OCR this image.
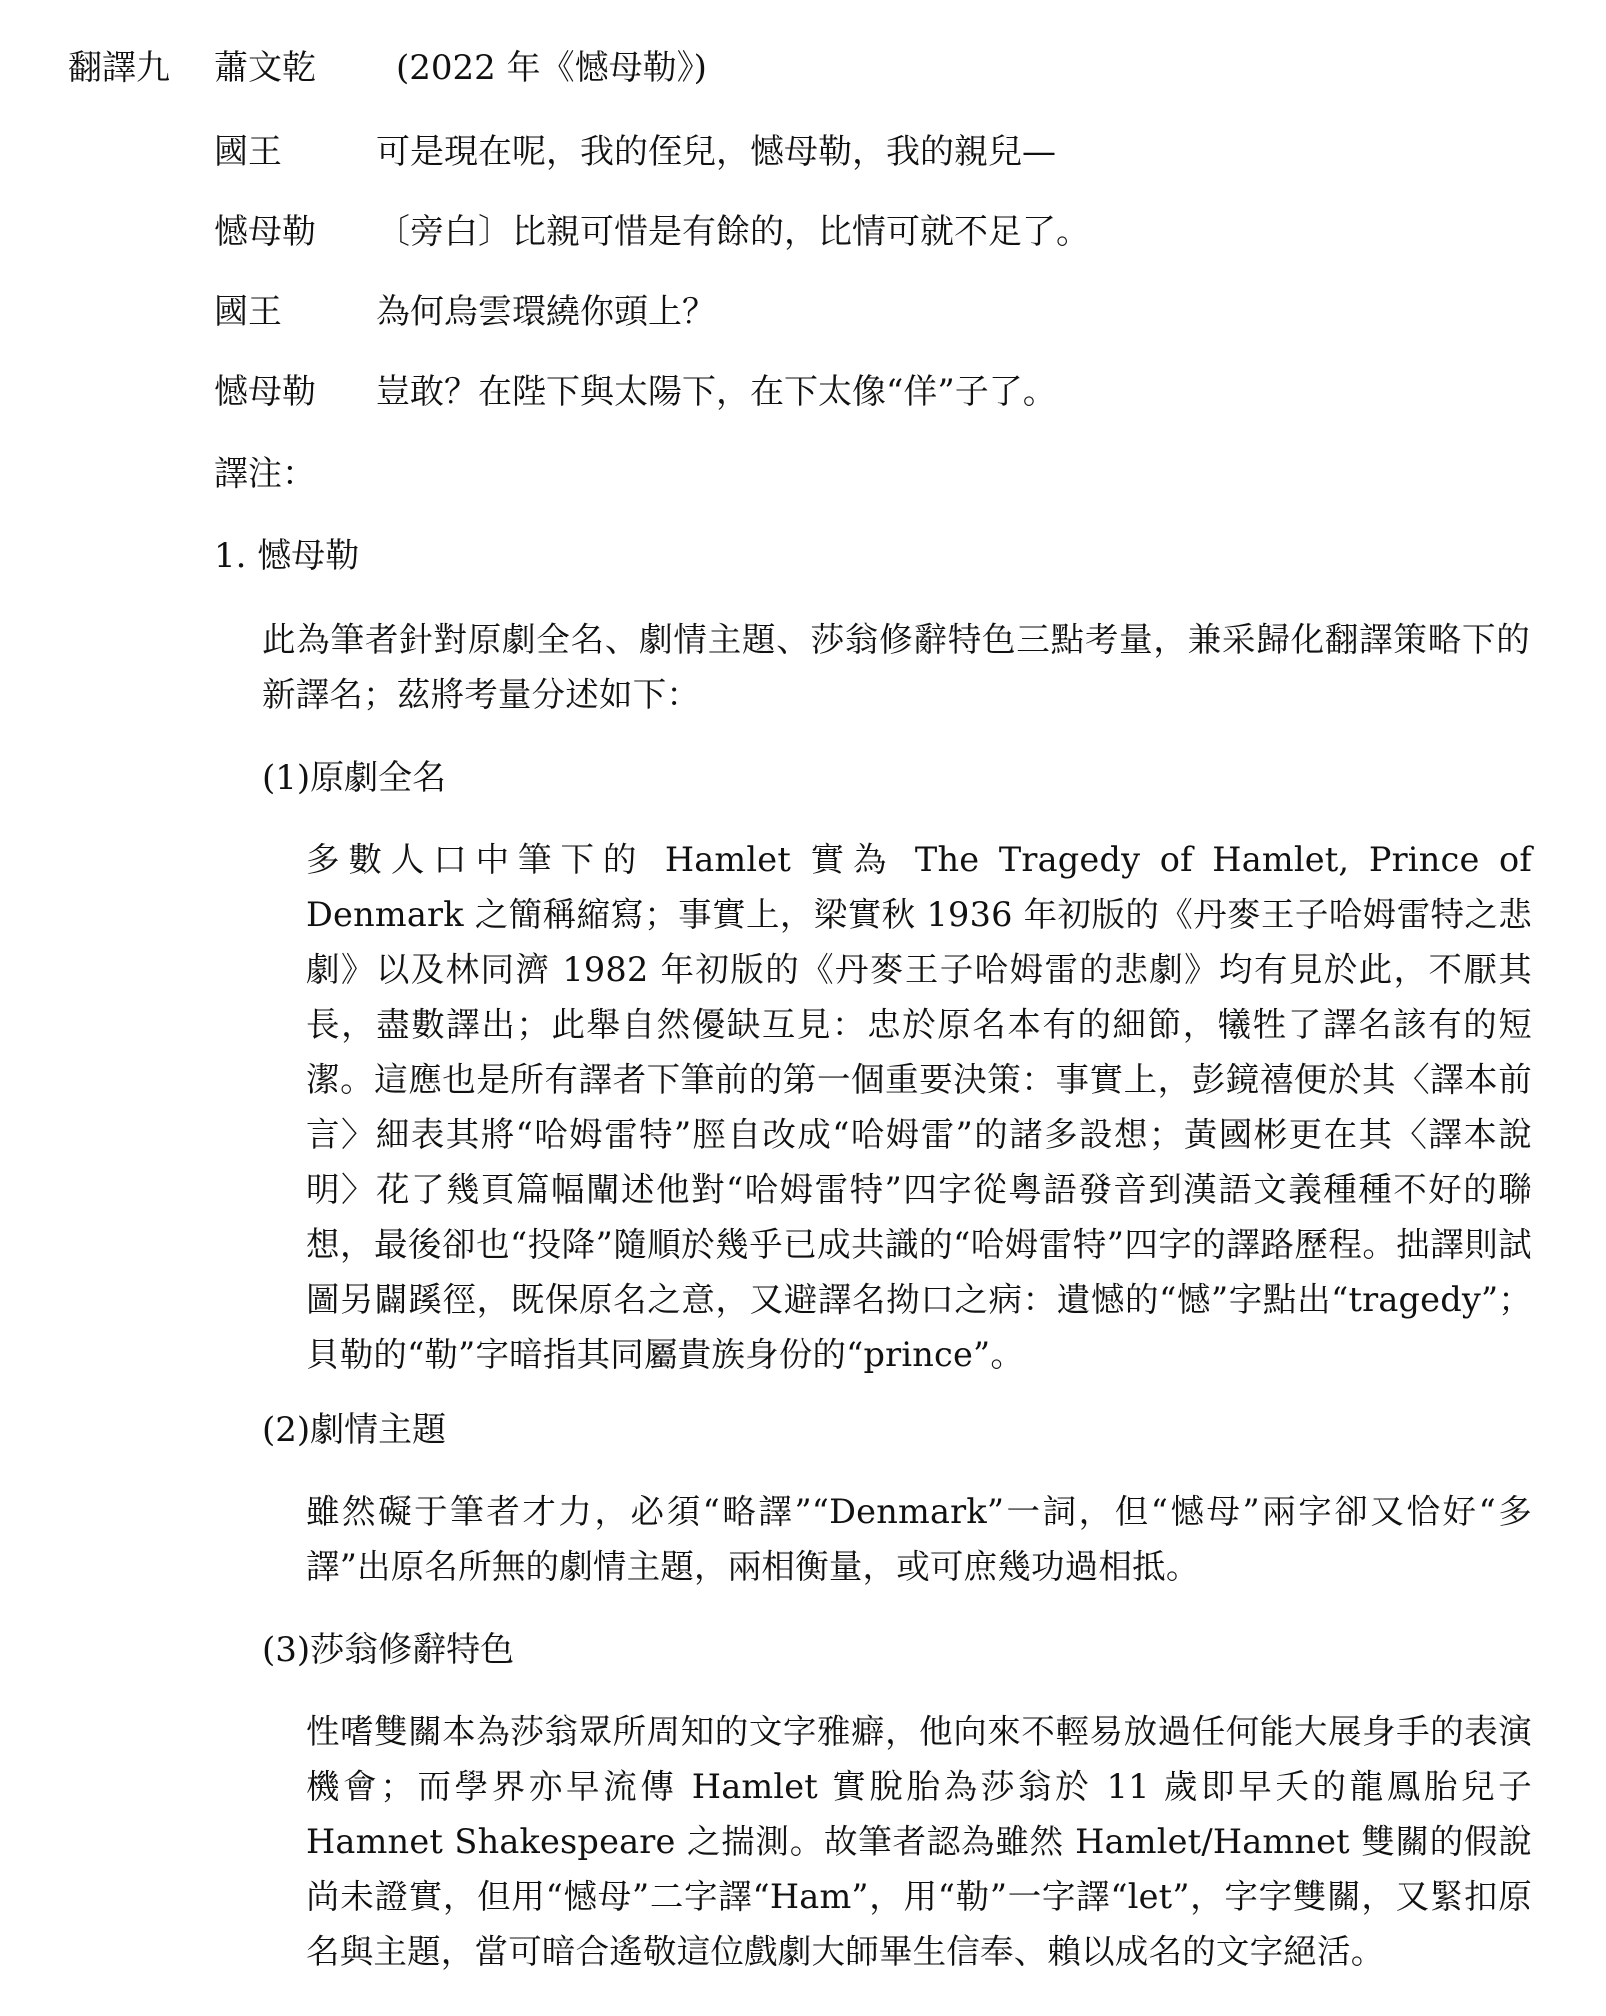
翻譯九 蕭文乾 (2022 年《憾母勒》)
國王	可是現在呢，我的侄兒，憾母勒，我的親兒—
憾母勒 〔旁白〕比親可惜是有餘的，比情可就不足了。
國王	為何烏雲環繞你頭上？
憾母勒 豈敢？在陛下與太陽下，在下太像“佯”子了。
譯注：
1. 憾母勒
此為筆者針對原劇全名、劇情主題、莎翁修辭特色三點考量，兼采歸化翻譯策略下的新譯名；茲將考量分述如下：
(1)原劇全名
多數人口中筆下的 Hamlet 實為 The Tragedy of Hamlet, Prince of Denmark 之簡稱縮寫；事實上，梁實秋 1936 年初版的《丹麥王子哈姆雷特之悲劇》以及林同濟 1982 年初版的《丹麥王子哈姆雷的悲劇》均有見於此，不厭其長，盡數譯出；此舉自然優缺互見：忠於原名本有的細節，犧牲了譯名該有的短潔。這應也是所有譯者下筆前的第一個重要決策：事實上，彭鏡禧便於其〈譯本前言〉細表其將“哈姆雷特”脛自改成“哈姆雷”的諸多設想；黃國彬更在其〈譯本說明〉花了幾頁篇幅闡述他對“哈姆雷特”四字從粵語發音到漢語文義種種不好的聯想，最後卻也“投降”隨順於幾乎已成共識的“哈姆雷特”四字的譯路歷程。拙譯則試圖另闢蹊徑，既保原名之意，又避譯名拗口之病：遺憾的“憾”字點出“tragedy”；貝勒的“勒”字暗指其同屬貴族身份的“prince”。
(2)劇情主題
雖然礙于筆者才力，必須“略譯”“Denmark”一詞，但“憾母”兩字卻又恰好“多譯”出原名所無的劇情主題，兩相衡量，或可庶幾功過相抵。
(3)莎翁修辭特色
性嗜雙關本為莎翁眾所周知的文字雅癖，他向來不輕易放過任何能大展身手的表演機會；而學界亦早流傳 Hamlet 實脫胎為莎翁於 11 歲即早夭的龍鳳胎兒子 Hamnet Shakespeare 之揣測。故筆者認為雖然 Hamlet/Hamnet 雙關的假說尚未證實，但用“憾母”二字譯“Ham”，用“勒”一字譯“let”，字字雙關，又緊扣原名與主題，當可暗合遙敬這位戲劇大師畢生信奉、賴以成名的文字絕活。
